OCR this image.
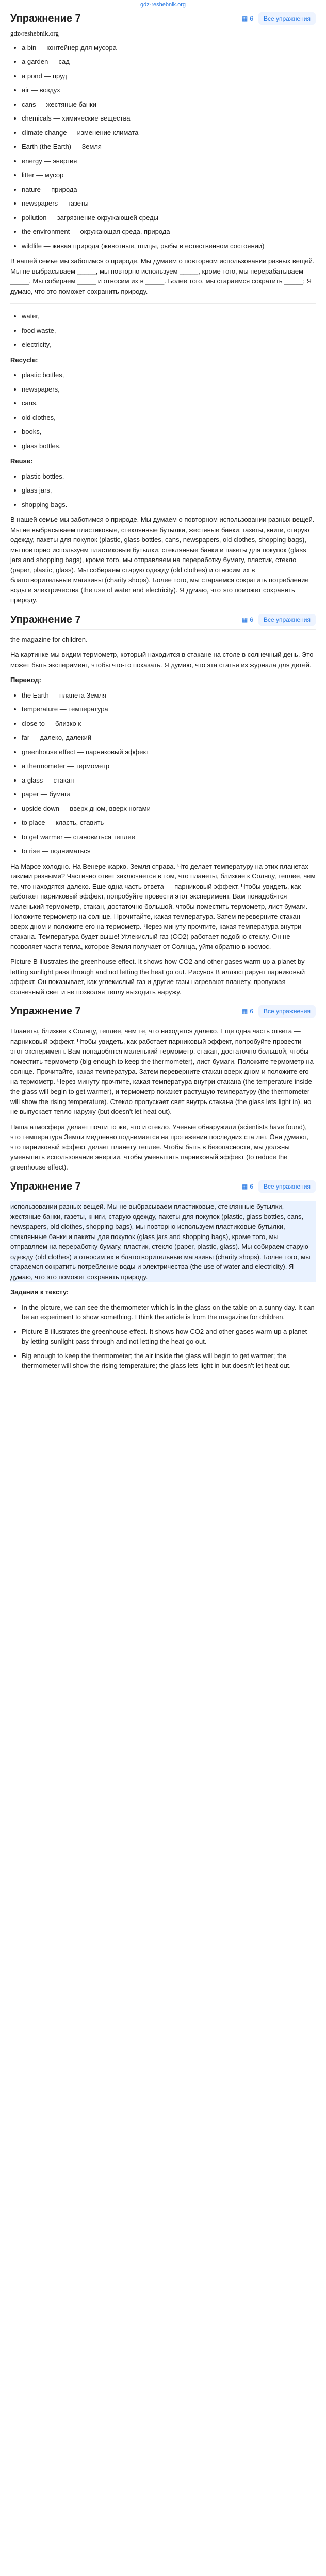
gdz-reshebnik.org
Упражнение 7	▦ 6	Все упражнения
gdz-reshebnik.org
• a bin — контейнер для мусора
• a garden — сад
• a pond — пруд
• air — воздух
• cans — жестяные банки
• chemicals — химические вещества
• climate change — изменение климата
• Earth (the Earth) — Земля
• energy — энергия
• litter — мусор
• nature — природа
• newspapers — газеты
• pollution — загрязнение окружающей среды
• the environment — окружающая среда, природа
• wildlife — живая природа (животные, птицы, рыбы в естественном состоянии)

В нашей семье мы заботимся о природе. Мы думаем о повторном использовании разных вещей. Мы не выбрасываем _____, мы повторно используем _____, кроме того, мы перерабатываем _____. Мы собираем _____ и относим их в _____. Более того, мы стараемся сократить _____; Я думаю, что это поможет сохранить природу.

• water,
• food waste,
• electricity,

Recycle:

• plastic bottles,
• newspapers,
• cans,
• old clothes,
• books,
• glass bottles.

Reuse:

• plastic bottles,
• glass jars,
• shopping bags.

В нашей семье мы заботимся о природе. Мы думаем о повторном использовании разных вещей. Мы не выбрасываем пластиковые, стеклянные бутылки, жестяные банки, газеты, книги, старую одежду, пакеты для покупок (plastic, glass bottles, cans, newspapers, old clothes, shopping bags), мы повторно используем пластиковые бутылки, стеклянные банки и пакеты для покупок (glass jars and shopping bags), кроме того, мы отправляем на переработку бумагу, пластик, стекло (paper, plastic, glass). Мы собираем старую одежду (old clothes) и относим их в благотворительные магазины (charity shops). Более того, мы стараемся сократить потребление воды и электричества (the use of water and electricity). Я думаю, что это поможет сохранить природу.

Упражнение 7	▦ 6	Все упражнения

the magazine for children.

На картинке мы видим термометр, который находится в стакане на столе в солнечный день. Это может быть эксперимент, чтобы что-то показать. Я думаю, что эта статья из журнала для детей.

Перевод:

• the Earth — планета Земля
• temperature — температура
• close to — близко к
• far — далеко, далекий
• greenhouse effect — парниковый эффект
• a thermometer — термометр
• a glass — стакан
• paper — бумага
• upside down — вверх дном, вверх ногами
• to place — класть, ставить
• to get warmer — становиться теплее
• to rise — подниматься

На Марсе холодно. На Венере жарко. Земля справа. Что делает температуру на этих планетах такими разными? Частично ответ заключается в том, что планеты, близкие к Солнцу, теплее, чем те, что находятся далеко. Еще одна часть ответа — парниковый эффект. Чтобы увидеть, как работает парниковый эффект, попробуйте провести этот эксперимент. Вам понадобятся маленький термометр, стакан, достаточно большой, чтобы поместить термометр, лист бумаги. Положите термометр на солнце. Прочитайте, какая температура. Затем переверните стакан вверх дном и положите его на термометр. Через минуту прочтите, какая температура внутри стакана. Температура будет выше! Углекислый газ (CO2) работает подобно стеклу. Он не позволяет части тепла, которое Земля получает от Солнца, уйти обратно в космос.

Picture B illustrates the greenhouse effect. It shows how CO2 and other gases warm up a planet by letting sunlight pass through and not letting the heat go out. Рисунок B иллюстрирует парниковый эффект. Он показывает, как углекислый газ и другие газы нагревают планету, пропуская солнечный свет и не позволяя теплу выходить наружу.

Упражнение 7	▦ 6	Все упражнения

Планеты, близкие к Солнцу, теплее, чем те, что находятся далеко. Еще одна часть ответа — парниковый эффект. Чтобы увидеть, как работает парниковый эффект, попробуйте провести этот эксперимент. Вам понадобятся маленький термометр, стакан, достаточно большой, чтобы поместить термометр (big enough to keep the thermometer), лист бумаги. Положите термометр на солнце. Прочитайте, какая температура. Затем переверните стакан вверх дном и положите его на термометр. Через минуту прочтите, какая температура внутри стакана (the temperature inside the glass will begin to get warmer), и термометр покажет растущую температуру (the thermometer will show the rising temperature). Стекло пропускает свет внутрь стакана (the glass lets light in), но не выпускает тепло наружу (but doesn't let heat out).

Наша атмосфера делает почти то же, что и стекло. Ученые обнаружили (scientists have found), что температура Земли медленно поднимается на протяжении последних ста лет. Они думают, что парниковый эффект делает планету теплее. Чтобы быть в безопасности, мы должны уменьшить использование энергии, чтобы уменьшить парниковый эффект (to reduce the greenhouse effect).

Упражнение 7	▦ 6	Все упражнения

использовании разных вещей. Мы не выбрасываем пластиковые, стеклянные бутылки, жестяные банки, газеты, книги, старую одежду, пакеты для покупок (plastic, glass bottles, cans, newspapers, old clothes, shopping bags), мы повторно используем пластиковые бутылки, стеклянные банки и пакеты для покупок (glass jars and shopping bags), кроме того, мы отправляем на переработку бумагу, пластик, стекло (paper, plastic, glass). Мы собираем старую одежду (old clothes) и относим их в благотворительные магазины (charity shops). Более того, мы стараемся сократить потребление воды и электричества (the use of water and electricity). Я думаю, что это поможет сохранить природу.

Задания к тексту:

• In the picture, we can see the thermometer which is in the glass on the table on a sunny day. It can be an experiment to show something. I think the article is from the magazine for children.
• Picture B illustrates the greenhouse effect. It shows how CO2 and other gases warm up a planet by letting sunlight pass through and not letting the heat go out.
• Big enough to keep the thermometer; the air inside the glass will begin to get warmer; the thermometer will show the rising temperature; the glass lets light in but doesn't let heat out.
